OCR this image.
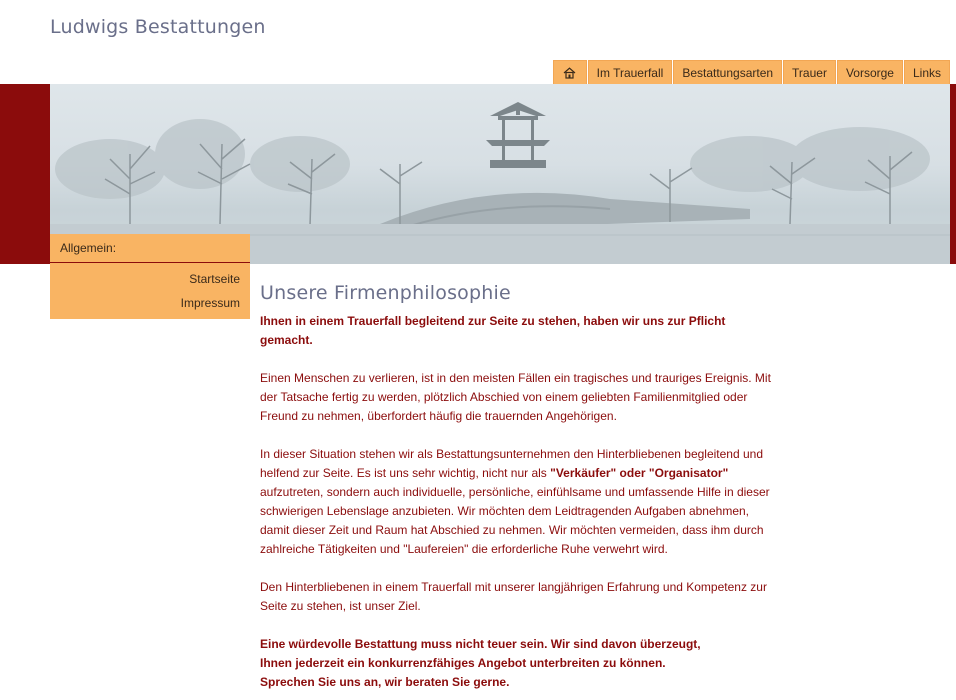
Ludwigs Bestattungen
Im Trauerfall	Bestattungsarten	Trauer	Vorsorge	Links
Allgemein:
Startseite
Impressum Unsere Firmenphilosophie

Ihnen in einem Trauerfall begleitend zur Seite zu stehen, haben wir uns zur Pflicht gemacht.

Einen Menschen zu verlieren, ist in den meisten Fällen ein tragisches und trauriges Ereignis. Mit der Tatsache fertig zu werden, plötzlich Abschied von einem geliebten Familienmitglied oder Freund zu nehmen, überfordert häufig die trauernden Angehörigen.

In dieser Situation stehen wir als Bestattungsunternehmen den Hinterbliebenen begleitend und helfend zur Seite. Es ist uns sehr wichtig, nicht nur als "Verkäufer" oder "Organisator" aufzutreten, sondern auch individuelle, persönliche, einfühlsame und umfassende Hilfe in dieser schwierigen Lebenslage anzubieten. Wir möchten dem Leidtragenden Aufgaben abnehmen, damit dieser Zeit und Raum hat Abschied zu nehmen. Wir möchten vermeiden, dass ihm durch zahlreiche Tätigkeiten und "Laufereien" die erforderliche Ruhe verwehrt wird.

Den Hinterbliebenen in einem Trauerfall mit unserer langjährigen Erfahrung und Kompetenz zur Seite zu stehen, ist unser Ziel.

Eine würdevolle Bestattung muss nicht teuer sein. Wir sind davon überzeugt,
Ihnen jederzeit ein konkurrenzfähiges Angebot unterbreiten zu können.
Sprechen Sie uns an, wir beraten Sie gerne.
